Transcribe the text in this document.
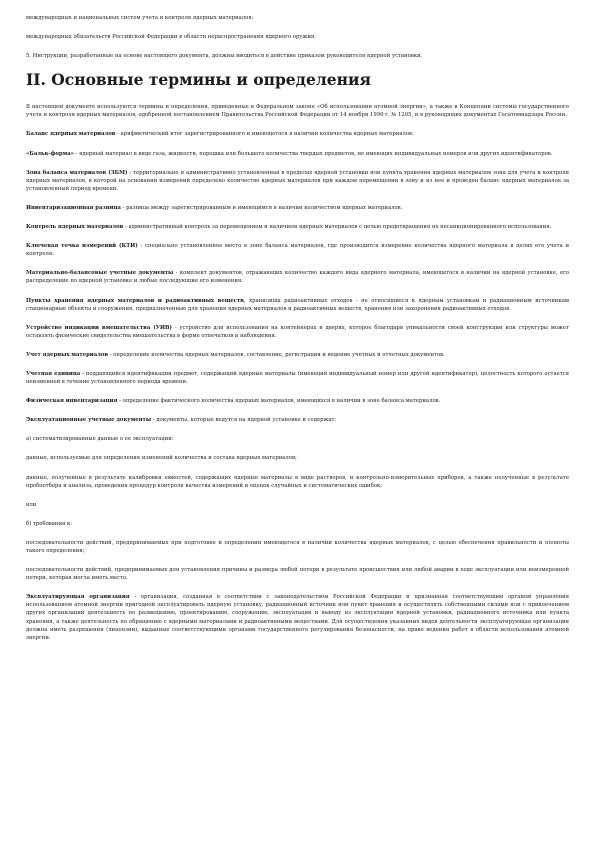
международных и национальных систем учета и контроля ядерных материалов;

международных обязательств Российской Федерации в области нераспространения ядерного оружия.

5. Инструкции, разработанные на основе настоящего документа, должны вводиться в действие приказом руководителя ядерной установки.

II. Основные термины и определения

В настоящем документе используются термины и определения, приведенные в Федеральном законе «Об использовании атомной энергии», а также в Концепции системы государственного учета и контроля ядерных материалов, одобренной постановлением Правительства Российской Федерации от 14 ноября 1996 г. № 1205, и в руководящих документах Госатомнадзора России.

Баланс ядерных материалов - арифметический итог зарегистрированного и имеющегося в наличии количества ядерных материалов.

«Бальк-форма» - ядерный материал в виде газа, жидкости, порошка или большого количества твердых предметов, не имеющих индивидуальных номеров или других идентификаторов.

Зона баланса материалов (ЗБМ) - территориально и административно установленная в пределах ядерной установки или пункта хранения ядерных материалов зона для учета и контроля ядерных материалов, в которой на основании измерений определено количество ядерных материалов при каждом перемещении в зону и из нее и проведен баланс ядерных материалов за установленный период времени.

Инвентаризационная разница - разница между зарегистрированным и имеющимся в наличии количеством ядерных материалов.

Контроль ядерных материалов - административный контроль за перемещением и наличием ядерных материалов с целью предотвращения их несанкционированного использования.

Ключевая точка измерений (КТИ) - специально установленное место в зоне баланса материалов, где производится измерение количества ядерного материала в целях его учета и контроля.

Материально-балансовые учетные документы - комплект документов, отражающих количество каждого вида ядерного материала, имеющегося в наличии на ядерной установке, его распределение по ядерной установке и любые последующие его изменения.

Пункты хранения ядерных материалов и радиоактивных веществ, хранилища радиоактивных отходов - не относящиеся к ядерным установкам и радиационным источникам стационарные объекты и сооружения, предназначенные для хранения ядерных материалов и радиоактивных веществ, хранения или захоронения радиоактивных отходов.

Устройство индикации вмешательства (УИВ) - устройство для использования на контейнерах и дверях, которое благодаря уникальности своей конструкции или структуры может оставлять физические свидетельства вмешательства в форме отпечатков и наблюдения.

Учет ядерных материалов - определение количества ядерных материалов, составление, регистрация и ведение учетных и отчетных документов.

Учетная единица - поддающийся идентификации предмет, содержащий ядерные материалы (имеющий индивидуальный номер или другой идентификатор), целостность которого остается неизменной в течение установленного периода времени.

Физическая инвентаризация - определение фактического количества ядерных материалов, имеющихся в наличии в зоне баланса материалов.

Эксплуатационные учетные документы - документы, которые ведутся на ядерной установке и содержат:

а) систематизированные данные о ее эксплуатации:

данные, используемые для определения изменений количества и состава ядерных материалов;

данные, полученные в результате калибровки емкостей, содержащих ядерные материалы в виде растворов, и контрольно-измерительных приборов, а также полученные в результате пробоотбора и анализа, проведения процедур контроля качества измерений и оценок случайных и систематических ошибок;

или

б) требования к:

последовательности действий, предпринимаемых при подготовке и определении имеющегося в наличии количества ядерных материалов, с целью обеспечения правильности и полноты такого определения;

последовательности действий, предпринимаемых для установления причины и размера любой потери в результате происшествия или любой аварии в ходе эксплуатации или неизмеренной потери, которая могла иметь место.

Эксплуатирующая организация - организация, созданная в соответствии с законодательством Российской Федерации и признанная соответствующим органом управления использованием атомной энергии пригодной эксплуатировать ядерную установку, радиационный источник или пункт хранения и осуществлять собственными силами или с привлечением других организаций деятельность по размещению, проектированию, сооружению, эксплуатации и выводу из эксплуатации ядерной установки, радиационного источника или пункта хранения, а также деятельность по обращению с ядерными материалами и радиоактивными веществами. Для осуществления указанных видов деятельности эксплуатирующая организация должна иметь разрешения (лицензии), выданные соответствующими органами государственного регулирования безопасности, на право ведения работ в области использования атомной энергии.
